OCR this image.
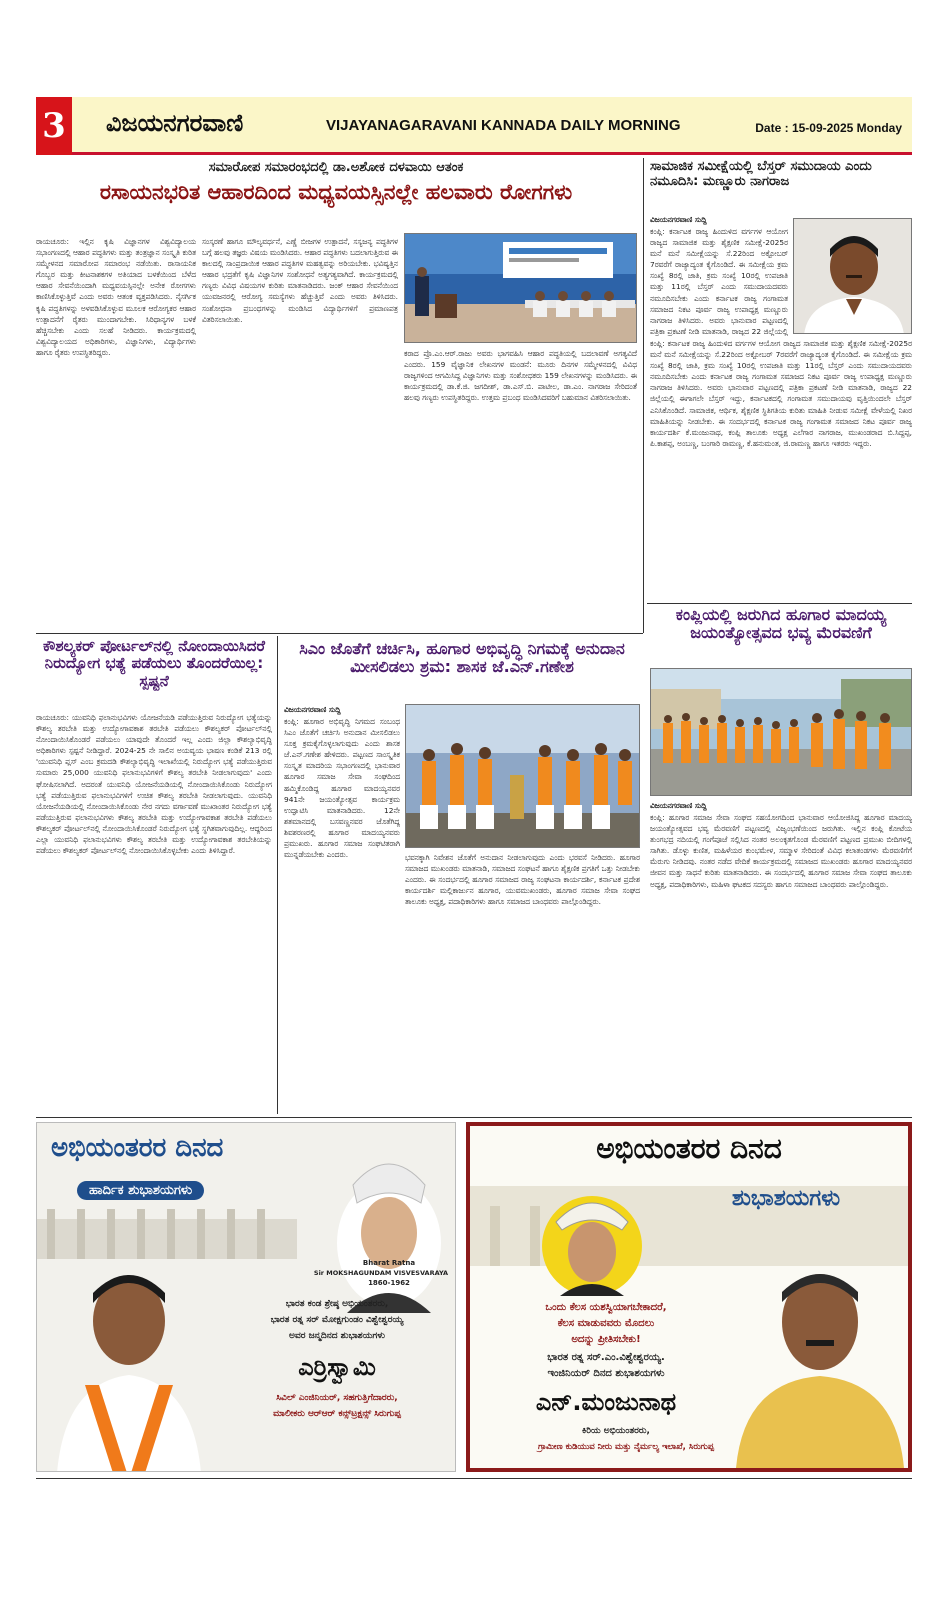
3 ವಿಜಯನಗರವಾಣಿ	VIJAYANAGARAVANI KANNADA DAILY MORNING	Date : 15-09-2025 Monday
ಸಮಾರೋಪ ಸಮಾರಂಭದಲ್ಲಿ ಡಾ.ಅಶೋಕ ದಳವಾಯಿ ಆತಂಕ
ರಸಾಯನಭರಿತ ಆಹಾರದಿಂದ ಮಧ್ಯವಯಸ್ಸಿನಲ್ಲೇ ಹಲವಾರು ರೋಗಗಳು
ರಾಯಚೂರು: ಇಲ್ಲಿನ ಕೃಷಿ ವಿಜ್ಞಾನಗಳ ವಿಶ್ವವಿದ್ಯಾಲಯ ಸಭಾಂಗಣದಲ್ಲಿ ಆಹಾರ ಪದ್ಧತಿಗಳು ಮತ್ತು ತಂತ್ರಜ್ಞಾನ ಸಂಸ್ಕೃತಿ ಕುರಿತ ಸಮ್ಮೇಳನದ ಸಮಾರೋಪ ಸಮಾರಂಭ ನಡೆಯಿತು. ರಾಸಾಯನಿಕ ಗೊಬ್ಬರ ಮತ್ತು ಕೀಟನಾಶಕಗಳ ಅತಿಯಾದ ಬಳಕೆಯಿಂದ ಬೆಳೆದ ಆಹಾರ ಸೇವನೆಯಿಂದಾಗಿ ಮಧ್ಯವಯಸ್ಸಿನಲ್ಲೇ ಅನೇಕ ರೋಗಗಳು ಕಾಣಿಸಿಕೊಳ್ಳುತ್ತಿವೆ ಎಂದು ಅವರು ಆತಂಕ ವ್ಯಕ್ತಪಡಿಸಿದರು. ನೈಸರ್ಗಿಕ ಕೃಷಿ ಪದ್ಧತಿಗಳನ್ನು ಅಳವಡಿಸಿಕೊಳ್ಳುವ ಮೂಲಕ ಆರೋಗ್ಯಕರ ಆಹಾರ ಉತ್ಪಾದನೆಗೆ ರೈತರು ಮುಂದಾಗಬೇಕು. ಸಿರಿಧಾನ್ಯಗಳ ಬಳಕೆ ಹೆಚ್ಚಿಸಬೇಕು ಎಂದು ಸಲಹೆ ನೀಡಿದರು. ಕಾರ್ಯಕ್ರಮದಲ್ಲಿ ವಿಶ್ವವಿದ್ಯಾಲಯದ ಅಧಿಕಾರಿಗಳು, ವಿಜ್ಞಾನಿಗಳು, ವಿದ್ಯಾರ್ಥಿಗಳು ಹಾಗೂ ರೈತರು ಉಪಸ್ಥಿತರಿದ್ದರು.
ಸಂಸ್ಕರಣೆ ಹಾಗೂ ಮೌಲ್ಯವರ್ಧನೆ, ಎಣ್ಣೆ ಬೀಜಗಳ ಉತ್ಪಾದನೆ, ಸಸ್ಯಜನ್ಯ ಪದ್ಧತಿಗಳ ಬಗ್ಗೆ ಹಲವು ತಜ್ಞರು ವಿಷಯ ಮಂಡಿಸಿದರು. ಆಹಾರ ಪದ್ಧತಿಗಳು ಬದಲಾಗುತ್ತಿರುವ ಈ ಕಾಲದಲ್ಲಿ ಸಾಂಪ್ರದಾಯಿಕ ಆಹಾರ ಪದ್ಧತಿಗಳ ಮಹತ್ವವನ್ನು ಅರಿಯಬೇಕು. ಭವಿಷ್ಯತ್ತಿನ ಆಹಾರ ಭದ್ರತೆಗೆ ಕೃಷಿ ವಿಜ್ಞಾನಿಗಳ ಸಂಶೋಧನೆ ಅತ್ಯಗತ್ಯವಾಗಿದೆ. ಕಾರ್ಯಕ್ರಮದಲ್ಲಿ ಗಣ್ಯರು ವಿವಿಧ ವಿಷಯಗಳ ಕುರಿತು ಮಾತನಾಡಿದರು. ಜಂಕ್ ಆಹಾರ ಸೇವನೆಯಿಂದ ಯುವಜನರಲ್ಲಿ ಆರೋಗ್ಯ ಸಮಸ್ಯೆಗಳು ಹೆಚ್ಚುತ್ತಿವೆ ಎಂದು ಅವರು ತಿಳಿಸಿದರು. ಸಂಶೋಧನಾ ಪ್ರಬಂಧಗಳನ್ನು ಮಂಡಿಸಿದ ವಿದ್ಯಾರ್ಥಿಗಳಿಗೆ ಪ್ರಮಾಣಪತ್ರ ವಿತರಿಸಲಾಯಿತು.
ಕರಾದ ಪ್ರೊ.ಎಂ.ಆರ್.ರಾಜು ಅವರು ಭಾಗವಹಿಸಿ ಆಹಾರ ಪದ್ಧತಿಯಲ್ಲಿ ಬದಲಾವಣೆ ಅಗತ್ಯವಿದೆ ಎಂದರು. 159 ವೈಜ್ಞಾನಿಕ ಲೇಖನಗಳ ಮಂಡನೆ: ಮೂರು ದಿನಗಳ ಸಮ್ಮೇಳನದಲ್ಲಿ ವಿವಿಧ ರಾಜ್ಯಗಳಿಂದ ಆಗಮಿಸಿದ್ದ ವಿಜ್ಞಾನಿಗಳು ಮತ್ತು ಸಂಶೋಧಕರು 159 ಲೇಖನಗಳನ್ನು ಮಂಡಿಸಿದರು. ಈ ಕಾರ್ಯಕ್ರಮದಲ್ಲಿ ಡಾ.ಕೆ.ಜಿ. ಜಗದೀಶ್, ಡಾ.ಎಸ್.ಬಿ. ಪಾಟೀಲ, ಡಾ.ಎಂ. ನಾಗರಾಜ ಸೇರಿದಂತೆ ಹಲವು ಗಣ್ಯರು ಉಪಸ್ಥಿತರಿದ್ದರು. ಉತ್ತಮ ಪ್ರಬಂಧ ಮಂಡಿಸಿದವರಿಗೆ ಬಹುಮಾನ ವಿತರಿಸಲಾಯಿತು.
ಸಾಮಾಜಿಕ ಸಮೀಕ್ಷೆಯಲ್ಲಿ ಬೆಸ್ತರ್ ಸಮುದಾಯ ಎಂದು ನಮೂದಿಸಿ: ಮಣ್ಣೂರು ನಾಗರಾಜ
ವಿಜಯನಗರವಾಣಿ ಸುದ್ದಿ
ಕಂಪ್ಲಿ: ಕರ್ನಾಟಕ ರಾಜ್ಯ ಹಿಂದುಳಿದ ವರ್ಗಗಳ ಆಯೋಗ ರಾಜ್ಯದ ಸಾಮಾಜಿಕ ಮತ್ತು ಶೈಕ್ಷಣಿಕ ಸಮೀಕ್ಷೆ-2025ರ ಮನೆ ಮನೆ ಸಮೀಕ್ಷೆಯನ್ನು ಸೆ.22ರಿಂದ ಅಕ್ಟೋಬರ್ 7ರವರೆಗೆ ರಾಜ್ಯಾದ್ಯಂತ ಕೈಗೊಂಡಿದೆ. ಈ ಸಮೀಕ್ಷೆಯ ಕ್ರಮ ಸಂಖ್ಯೆ 8ರಲ್ಲಿ ಜಾತಿ, ಕ್ರಮ ಸಂಖ್ಯೆ 10ರಲ್ಲಿ ಉಪಜಾತಿ ಮತ್ತು 11ರಲ್ಲಿ ಬೆಸ್ತರ್ ಎಂದು ಸಮುದಾಯದವರು ನಮೂದಿಸಬೇಕು ಎಂದು ಕರ್ನಾಟಕ ರಾಜ್ಯ ಗಂಗಾಮತ ಸಮಾಜದ ನಿಕಟ ಪೂರ್ವ ರಾಜ್ಯ ಉಪಾಧ್ಯಕ್ಷ ಮಣ್ಣೂರು ನಾಗರಾಜ ತಿಳಿಸಿದರು. ಅವರು ಭಾನುವಾರ ಪಟ್ಟಣದಲ್ಲಿ ಪತ್ರಿಕಾ ಪ್ರಕಟಣೆ ನೀಡಿ ಮಾತನಾಡಿ, ರಾಜ್ಯದ 22 ಜಿಲ್ಲೆಯಲ್ಲಿ
ಕಂಪ್ಲಿ: ಕರ್ನಾಟಕ ರಾಜ್ಯ ಹಿಂದುಳಿದ ವರ್ಗಗಳ ಆಯೋಗ ರಾಜ್ಯದ ಸಾಮಾಜಿಕ ಮತ್ತು ಶೈಕ್ಷಣಿಕ ಸಮೀಕ್ಷೆ-2025ರ ಮನೆ ಮನೆ ಸಮೀಕ್ಷೆಯನ್ನು ಸೆ.22ರಿಂದ ಅಕ್ಟೋಬರ್ 7ರವರೆಗೆ ರಾಜ್ಯಾದ್ಯಂತ ಕೈಗೊಂಡಿದೆ. ಈ ಸಮೀಕ್ಷೆಯ ಕ್ರಮ ಸಂಖ್ಯೆ 8ರಲ್ಲಿ ಜಾತಿ, ಕ್ರಮ ಸಂಖ್ಯೆ 10ರಲ್ಲಿ ಉಪಜಾತಿ ಮತ್ತು 11ರಲ್ಲಿ ಬೆಸ್ತರ್ ಎಂದು ಸಮುದಾಯದವರು ನಮೂದಿಸಬೇಕು ಎಂದು ಕರ್ನಾಟಕ ರಾಜ್ಯ ಗಂಗಾಮತ ಸಮಾಜದ ನಿಕಟ ಪೂರ್ವ ರಾಜ್ಯ ಉಪಾಧ್ಯಕ್ಷ ಮಣ್ಣೂರು ನಾಗರಾಜ ತಿಳಿಸಿದರು. ಅವರು ಭಾನುವಾರ ಪಟ್ಟಣದಲ್ಲಿ ಪತ್ರಿಕಾ ಪ್ರಕಟಣೆ ನೀಡಿ ಮಾತನಾಡಿ, ರಾಜ್ಯದ 22 ಜಿಲ್ಲೆಯಲ್ಲಿ ಈಗಾಗಲೇ ಬೆಸ್ತರ್ ಇದ್ದು, ಕರ್ನಾಟಕದಲ್ಲಿ ಗಂಗಾಮತ ಸಮುದಾಯವು ವೃತ್ತಿಯಿಂದಲೇ ಬೆಸ್ತರ್ ಎನಿಸಿಕೊಂಡಿದೆ. ಸಾಮಾಜಿಕ, ಆರ್ಥಿಕ, ಶೈಕ್ಷಣಿಕ ಸ್ಥಿತಿಗತಿಯ ಕುರಿತು ಮಾಹಿತಿ ನೀಡುವ ಸಮೀಕ್ಷೆ ವೇಳೆಯಲ್ಲಿ ನಿಖರ ಮಾಹಿತಿಯನ್ನು ನೀಡಬೇಕು. ಈ ಸಂದರ್ಭದಲ್ಲಿ ಕರ್ನಾಟಕ ರಾಜ್ಯ ಗಂಗಾಮತ ಸಮಾಜದ ನಿಕಟ ಪೂರ್ವ ರಾಜ್ಯ ಕಾರ್ಯದರ್ಶಿ ಕೆ.ಮಂಜುನಾಥ, ಕಂಪ್ಲಿ ತಾಲೂಕು ಅಧ್ಯಕ್ಷ ಎಲೆಗಾರ ನಾಗರಾಜ, ಮುಖಂಡರಾದ ಬಿ.ಸಿದ್ದಪ್ಪ, ಪಿ.ಕಾಶಪ್ಪ, ಅಂಬಣ್ಣ, ಬಂಗಾರಿ ರಾಮಣ್ಣ, ಕೆ.ಹನುಮಂತ, ಜಿ.ರಾಮಣ್ಣ ಹಾಗೂ ಇತರರು ಇದ್ದರು.
ಕಂಪ್ಲಿಯಲ್ಲಿ ಜರುಗಿದ ಹೂಗಾರ ಮಾದಯ್ಯ ಜಯಂತ್ಯೋತ್ಸವದ ಭವ್ಯ ಮೆರವಣಿಗೆ
ವಿಜಯನಗರವಾಣಿ ಸುದ್ದಿ
ಕಂಪ್ಲಿ: ಹೂಗಾರ ಸಮಾಜ ಸೇವಾ ಸಂಘದ ಸಹಯೋಗದಿಂದ ಭಾನುವಾರ ಆಯೋಜಿಸಿದ್ದ ಹೂಗಾರ ಮಾದಯ್ಯ ಜಯಂತ್ಯೋತ್ಸವದ ಭವ್ಯ ಮೆರವಣಿಗೆ ಪಟ್ಟಣದಲ್ಲಿ ವಿಜೃಂಭಣೆಯಿಂದ ಜರುಗಿತು. ಇಲ್ಲಿನ ಕಂಪ್ಲಿ ಕೋಟೆಯ ತುಂಗಭದ್ರ ನದಿಯಲ್ಲಿ ಗಂಗೆಪೂಜೆ ಸಲ್ಲಿಸಿದ ನಂತರ ಅಲಂಕೃತಗೊಂಡ ಮೆರವಣಿಗೆ ಪಟ್ಟಣದ ಪ್ರಮುಖ ಬೀದಿಗಳಲ್ಲಿ ಸಾಗಿತು. ಡೊಳ್ಳು ಕುಣಿತ, ಮಹಿಳೆಯರ ಕುಂಭಮೇಳ, ಸಮ್ಮಾಳ ಸೇರಿದಂತೆ ವಿವಿಧ ಕಲಾತಂಡಗಳು ಮೆರವಣಿಗೆಗೆ ಮೆರುಗು ನೀಡಿದವು. ನಂತರ ನಡೆದ ವೇದಿಕೆ ಕಾರ್ಯಕ್ರಮದಲ್ಲಿ ಸಮಾಜದ ಮುಖಂಡರು ಹೂಗಾರ ಮಾದಯ್ಯನವರ ಜೀವನ ಮತ್ತು ಸಾಧನೆ ಕುರಿತು ಮಾತನಾಡಿದರು. ಈ ಸಂದರ್ಭದಲ್ಲಿ ಹೂಗಾರ ಸಮಾಜ ಸೇವಾ ಸಂಘದ ತಾಲೂಕು ಅಧ್ಯಕ್ಷ, ಪದಾಧಿಕಾರಿಗಳು, ಮಹಿಳಾ ಘಟಕದ ಸದಸ್ಯರು ಹಾಗೂ ಸಮಾಜದ ಬಾಂಧವರು ಪಾಲ್ಗೊಂಡಿದ್ದರು.
ಕೌಶಲ್ಯಕರ್ ಪೋರ್ಟಲ್‌ನಲ್ಲಿ ನೋಂದಾಯಿಸಿದರೆ ನಿರುದ್ಯೋಗ ಭತ್ಯೆ ಪಡೆಯಲು ತೊಂದರೆಯಿಲ್ಲ: ಸ್ಪಷ್ಟನೆ
ರಾಯಚೂರು: ಯುವನಿಧಿ ಫಲಾನುಭವಿಗಳು ಯೋಜನೆಯಡಿ ಪಡೆಯುತ್ತಿರುವ ನಿರುದ್ಯೋಗ ಭತ್ಯೆಯನ್ನು ಕೌಶಲ್ಯ ತರಬೇತಿ ಮತ್ತು ಉದ್ಯೋಗಾವಕಾಶ ತರಬೇತಿ ಪಡೆಯಲು ಕೌಶಲ್ಯಕರ್ ಪೋರ್ಟಲ್‌ನಲ್ಲಿ ನೋಂದಾಯಿಸಿಕೊಂಡರೆ ಪಡೆಯಲು ಯಾವುದೇ ತೊಂದರೆ ಇಲ್ಲ ಎಂದು ಜಿಲ್ಲಾ ಕೌಶಲ್ಯಾಭಿವೃದ್ಧಿ ಅಧಿಕಾರಿಗಳು ಸ್ಪಷ್ಟನೆ ನೀಡಿದ್ದಾರೆ. 2024-25 ನೇ ಸಾಲಿನ ಅಯವ್ಯಯ ಭಾಷಣ ಕಂಡಿಕೆ 213 ರಲ್ಲಿ 'ಯುವನಿಧಿ ಪ್ಲಸ್ ಎಂಬ ಕ್ರಮದಡಿ ಕೌಶಲ್ಯಾಭಿವೃದ್ಧಿ ಇಲಾಖೆಯಲ್ಲಿ ನಿರುದ್ಯೋಗ ಭತ್ಯೆ ಪಡೆಯುತ್ತಿರುವ ಸುಮಾರು 25,000 ಯುವನಿಧಿ ಫಲಾನುಭವಿಗಳಿಗೆ ಕೌಶಲ್ಯ ತರಬೇತಿ ನೀಡಲಾಗುವುದು' ಎಂದು ಘೋಷಿಸಲಾಗಿದೆ. ಅದರಂತೆ ಯುವನಿಧಿ ಯೋಜನೆಯಡಿಯಲ್ಲಿ ನೋಂದಾಯಿಸಿಕೊಂಡು ನಿರುದ್ಯೋಗ ಭತ್ಯೆ ಪಡೆಯುತ್ತಿರುವ ಫಲಾನುಭವಿಗಳಿಗೆ ಉಚಿತ ಕೌಶಲ್ಯ ತರಬೇತಿ ನೀಡಲಾಗುವುದು. ಯುವನಿಧಿ ಯೋಜನೆಯಡಿಯಲ್ಲಿ ನೋಂದಾಯಿಸಿಕೊಂಡು ನೇರ ನಗದು ವರ್ಗಾವಣೆ ಮುಖಾಂತರ ನಿರುದ್ಯೋಗ ಭತ್ಯೆ ಪಡೆಯುತ್ತಿರುವ ಫಲಾನುಭವಿಗಳು ಕೌಶಲ್ಯ ತರಬೇತಿ ಮತ್ತು ಉದ್ಯೋಗಾವಕಾಶ ತರಬೇತಿ ಪಡೆಯಲು ಕೌಶಲ್ಯಕರ್ ಪೋರ್ಟಲ್‌ನಲ್ಲಿ ನೋಂದಾಯಿಸಿಕೊಂಡರೆ ನಿರುದ್ಯೋಗ ಭತ್ಯೆ ಸ್ಥಗಿತವಾಗುವುದಿಲ್ಲ. ಆದ್ದರಿಂದ ಎಲ್ಲಾ ಯುವನಿಧಿ ಫಲಾನುಭವಿಗಳು ಕೌಶಲ್ಯ ತರಬೇತಿ ಮತ್ತು ಉದ್ಯೋಗಾವಕಾಶ ತರಬೇತಿಯನ್ನು ಪಡೆಯಲು ಕೌಶಲ್ಯಕರ್ ಪೋರ್ಟಲ್‌ನಲ್ಲಿ ನೋಂದಾಯಿಸಿಕೊಳ್ಳಬೇಕು ಎಂದು ತಿಳಿಸಿದ್ದಾರೆ.
ಸಿಎಂ ಜೊತೆಗೆ ಚರ್ಚಿಸಿ, ಹೂಗಾರ ಅಭಿವೃದ್ಧಿ ನಿಗಮಕ್ಕೆ ಅನುದಾನ ಮೀಸಲಿಡಲು ಶ್ರಮ: ಶಾಸಕ ಜೆ.ಎನ್.ಗಣೇಶ
ವಿಜಯನಗರವಾಣಿ ಸುದ್ದಿ
ಕಂಪ್ಲಿ: ಹೂಗಾರ ಅಭಿವೃದ್ಧಿ ನಿಗಮದ ಸಂಬಂಧ ಸಿಎಂ ಜೊತೆಗೆ ಚರ್ಚಿಸಿ ಅನುದಾನ ಮೀಸಲಿಡಲು ಸೂಕ್ತ ಕ್ರಮಕೈಗೊಳ್ಳಲಾಗುವುದು ಎಂದು ಶಾಸಕ ಜೆ.ಎನ್.ಗಣೇಶ ಹೇಳಿದರು. ಪಟ್ಟಣದ ಸಾಂಸ್ಕೃತಿಕ ಸಂಸ್ಕೃತ ಮಾದರಿಯ ಸಭಾಂಗಣದಲ್ಲಿ ಭಾನುವಾರ ಹೂಗಾರ ಸಮಾಜ ಸೇವಾ ಸಂಘದಿಂದ ಹಮ್ಮಿಕೊಂಡಿದ್ದ ಹೂಗಾರ ಮಾದಯ್ಯನವರ 941ನೇ ಜಯಂತ್ಯೋತ್ಸವ ಕಾರ್ಯಕ್ರಮ ಉದ್ಘಾಟಿಸಿ ಮಾತನಾಡಿದರು. 12ನೇ ಶತಮಾನದಲ್ಲಿ ಬಸವಣ್ಣನವರ ಜೊತೆಗಿದ್ದ ಶಿವಶರಣರಲ್ಲಿ ಹೂಗಾರ ಮಾದಯ್ಯನವರು ಪ್ರಮುಖರು. ಹೂಗಾರ ಸಮಾಜ ಸಂಘಟಿತರಾಗಿ ಮುನ್ನಡೆಯಬೇಕು ಎಂದರು.	ಭವನಕ್ಕಾಗಿ ನಿವೇಶನ ಜೊತೆಗೆ ಅನುದಾನ ನೀಡಲಾಗುವುದು ಎಂದು ಭರವಸೆ ನೀಡಿದರು. ಹೂಗಾರ ಸಮಾಜದ ಮುಖಂಡರು ಮಾತನಾಡಿ, ಸಮಾಜದ ಸಂಘಟನೆ ಹಾಗೂ ಶೈಕ್ಷಣಿಕ ಪ್ರಗತಿಗೆ ಒತ್ತು ನೀಡಬೇಕು ಎಂದರು. ಈ ಸಂದರ್ಭದಲ್ಲಿ ಹೂಗಾರ ಸಮಾಜದ ರಾಜ್ಯ ಸಂಘಟನಾ ಕಾರ್ಯದರ್ಶಿ, ಕರ್ನಾಟಕ ಪ್ರದೇಶ ಕಾರ್ಯದರ್ಶಿ ಮಲ್ಲಿಕಾರ್ಜುನ ಹೂಗಾರ, ಯುವಮುಖಂಡರು, ಹೂಗಾರ ಸಮಾಜ ಸೇವಾ ಸಂಘದ ತಾಲೂಕು ಅಧ್ಯಕ್ಷ, ಪದಾಧಿಕಾರಿಗಳು ಹಾಗೂ ಸಮಾಜದ ಬಾಂಧವರು ಪಾಲ್ಗೊಂಡಿದ್ದರು.
ಅಭಿಯಂತರರ ದಿನದ
ಹಾರ್ದಿಕ ಶುಭಾಶಯಗಳು
Bharat Ratna
Sir MOKSHAGUNDAM VISVESVARAYA
1860-1962
ಭಾರತ ಕಂಡ ಶ್ರೇಷ್ಠ ಅಭಿಯಂತರರು,
ಭಾರತ ರತ್ನ ಸರ್ ಮೋಕ್ಷಗುಂಡಂ ವಿಶ್ವೇಶ್ವರಯ್ಯ
ಅವರ ಜನ್ಮದಿನದ ಶುಭಾಶಯಗಳು
ಎರ್ರಿಸ್ವಾಮಿ
ಸಿವಿಲ್ ಎಂಜಿನಿಯರ್, ಸಹಗುತ್ತಿಗೆದಾರರು,
ಮಾಲೀಕರು ಆರ್‌ಆರ್ ಕನ್ಸ್‌ಟ್ರಕ್ಷನ್ಸ್ ಸಿರುಗುಪ್ಪ
ಅಭಿಯಂತರರ ದಿನದ
ಶುಭಾಶಯಗಳು
ಒಂದು ಕೆಲಸ ಯಶಸ್ವಿಯಾಗಬೇಕಾದರೆ,
ಕೆಲಸ ಮಾಡುವವರು ಮೊದಲು
ಅದನ್ನು ಪ್ರೀತಿಸಬೇಕು!
ಭಾರತ ರತ್ನ ಸರ್.ಎಂ.ವಿಶ್ವೇಶ್ವರಯ್ಯ.
ಇಂಜಿನಿಯರ್ ದಿನದ ಶುಭಾಶಯಗಳು
ಎನ್.ಮಂಜುನಾಥ
ಕಿರಿಯ ಅಭಿಯಂತರರು,
ಗ್ರಾಮೀಣ ಕುಡಿಯುವ ನೀರು ಮತ್ತು ನೈರ್ಮಲ್ಯ ಇಲಾಖೆ, ಸಿರುಗುಪ್ಪ
